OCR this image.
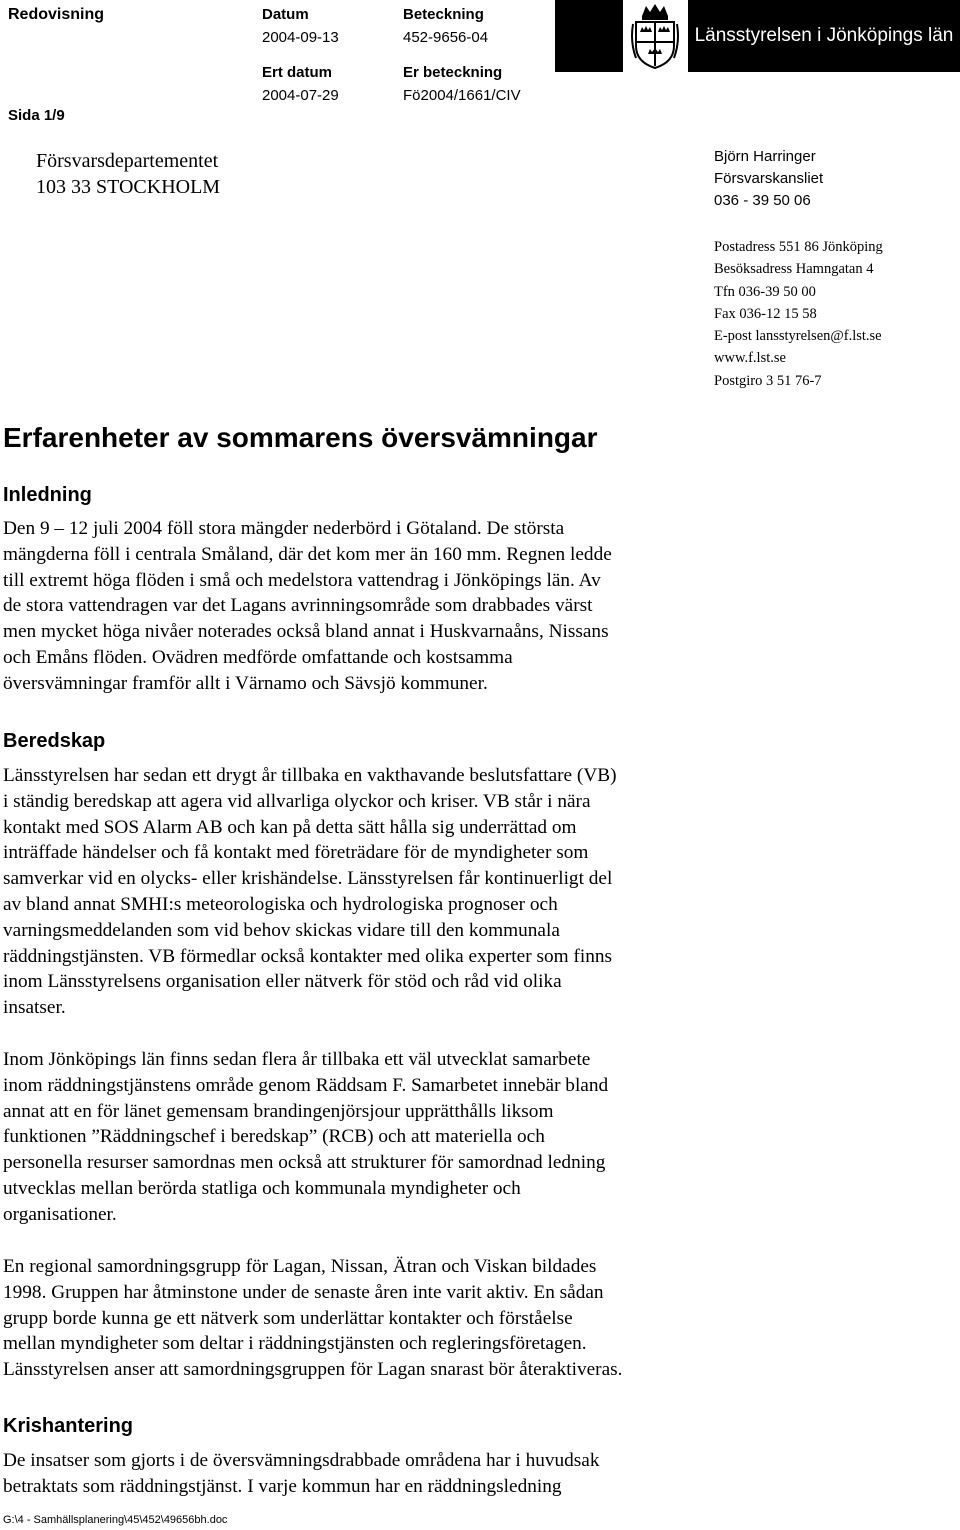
Redovisning
Sida 1/9
Datum
2004-09-13
Beteckning
452-9656-04
Ert datum
2004-07-29
Er beteckning
Fö2004/1661/CIV
Länsstyrelsen i Jönköpings län
Försvarsdepartementet
103 33 STOCKHOLM
Björn Harringer
Försvarskansliet
036 - 39 50 06
Postadress 551 86 Jönköping
Besöksadress Hamngatan 4
Tfn 036-39 50 00
Fax 036-12 15 58
E-post lansstyrelsen@f.lst.se
www.f.lst.se
Postgiro 3 51 76-7
Erfarenheter av sommarens översvämningar
Inledning
Den 9 – 12 juli 2004 föll stora mängder nederbörd i Götaland. De största
mängderna föll i centrala Småland, där det kom mer än 160 mm. Regnen ledde
till extremt höga flöden i små och medelstora vattendrag i Jönköpings län. Av
de stora vattendragen var det Lagans avrinningsområde som drabbades värst
men mycket höga nivåer noterades också bland annat i Huskvarnaåns, Nissans
och Emåns flöden. Ovädren medförde omfattande och kostsamma
översvämningar framför allt i Värnamo och Sävsjö kommuner.
Beredskap
Länsstyrelsen har sedan ett drygt år tillbaka en vakthavande beslutsfattare (VB)
i ständig beredskap att agera vid allvarliga olyckor och kriser. VB står i nära
kontakt med SOS Alarm AB och kan på detta sätt hålla sig underrättad om
inträffade händelser och få kontakt med företrädare för de myndigheter som
samverkar vid en olycks- eller krishändelse. Länsstyrelsen får kontinuerligt del
av bland annat SMHI:s meteorologiska och hydrologiska prognoser och
varningsmeddelanden som vid behov skickas vidare till den kommunala
räddningstjänsten. VB förmedlar också kontakter med olika experter som finns
inom Länsstyrelsens organisation eller nätverk för stöd och råd vid olika
insatser.
Inom Jönköpings län finns sedan flera år tillbaka ett väl utvecklat samarbete
inom räddningstjänstens område genom Räddsam F. Samarbetet innebär bland
annat att en för länet gemensam brandingenjörsjour upprätthålls liksom
funktionen ”Räddningschef i beredskap” (RCB) och att materiella och
personella resurser samordnas men också att strukturer för samordnad ledning
utvecklas mellan berörda statliga och kommunala myndigheter och
organisationer.
En regional samordningsgrupp för Lagan, Nissan, Ätran och Viskan bildades
1998. Gruppen har åtminstone under de senaste åren inte varit aktiv. En sådan
grupp borde kunna ge ett nätverk som underlättar kontakter och förståelse
mellan myndigheter som deltar i räddningstjänsten och regleringsföretagen.
Länsstyrelsen anser att samordningsgruppen för Lagan snarast bör återaktiveras.
Krishantering
De insatser som gjorts i de översvämningsdrabbade områdena har i huvudsak
betraktats som räddningstjänst. I varje kommun har en räddningsledning
G:\4 - Samhällsplanering\45\452\49656bh.doc
